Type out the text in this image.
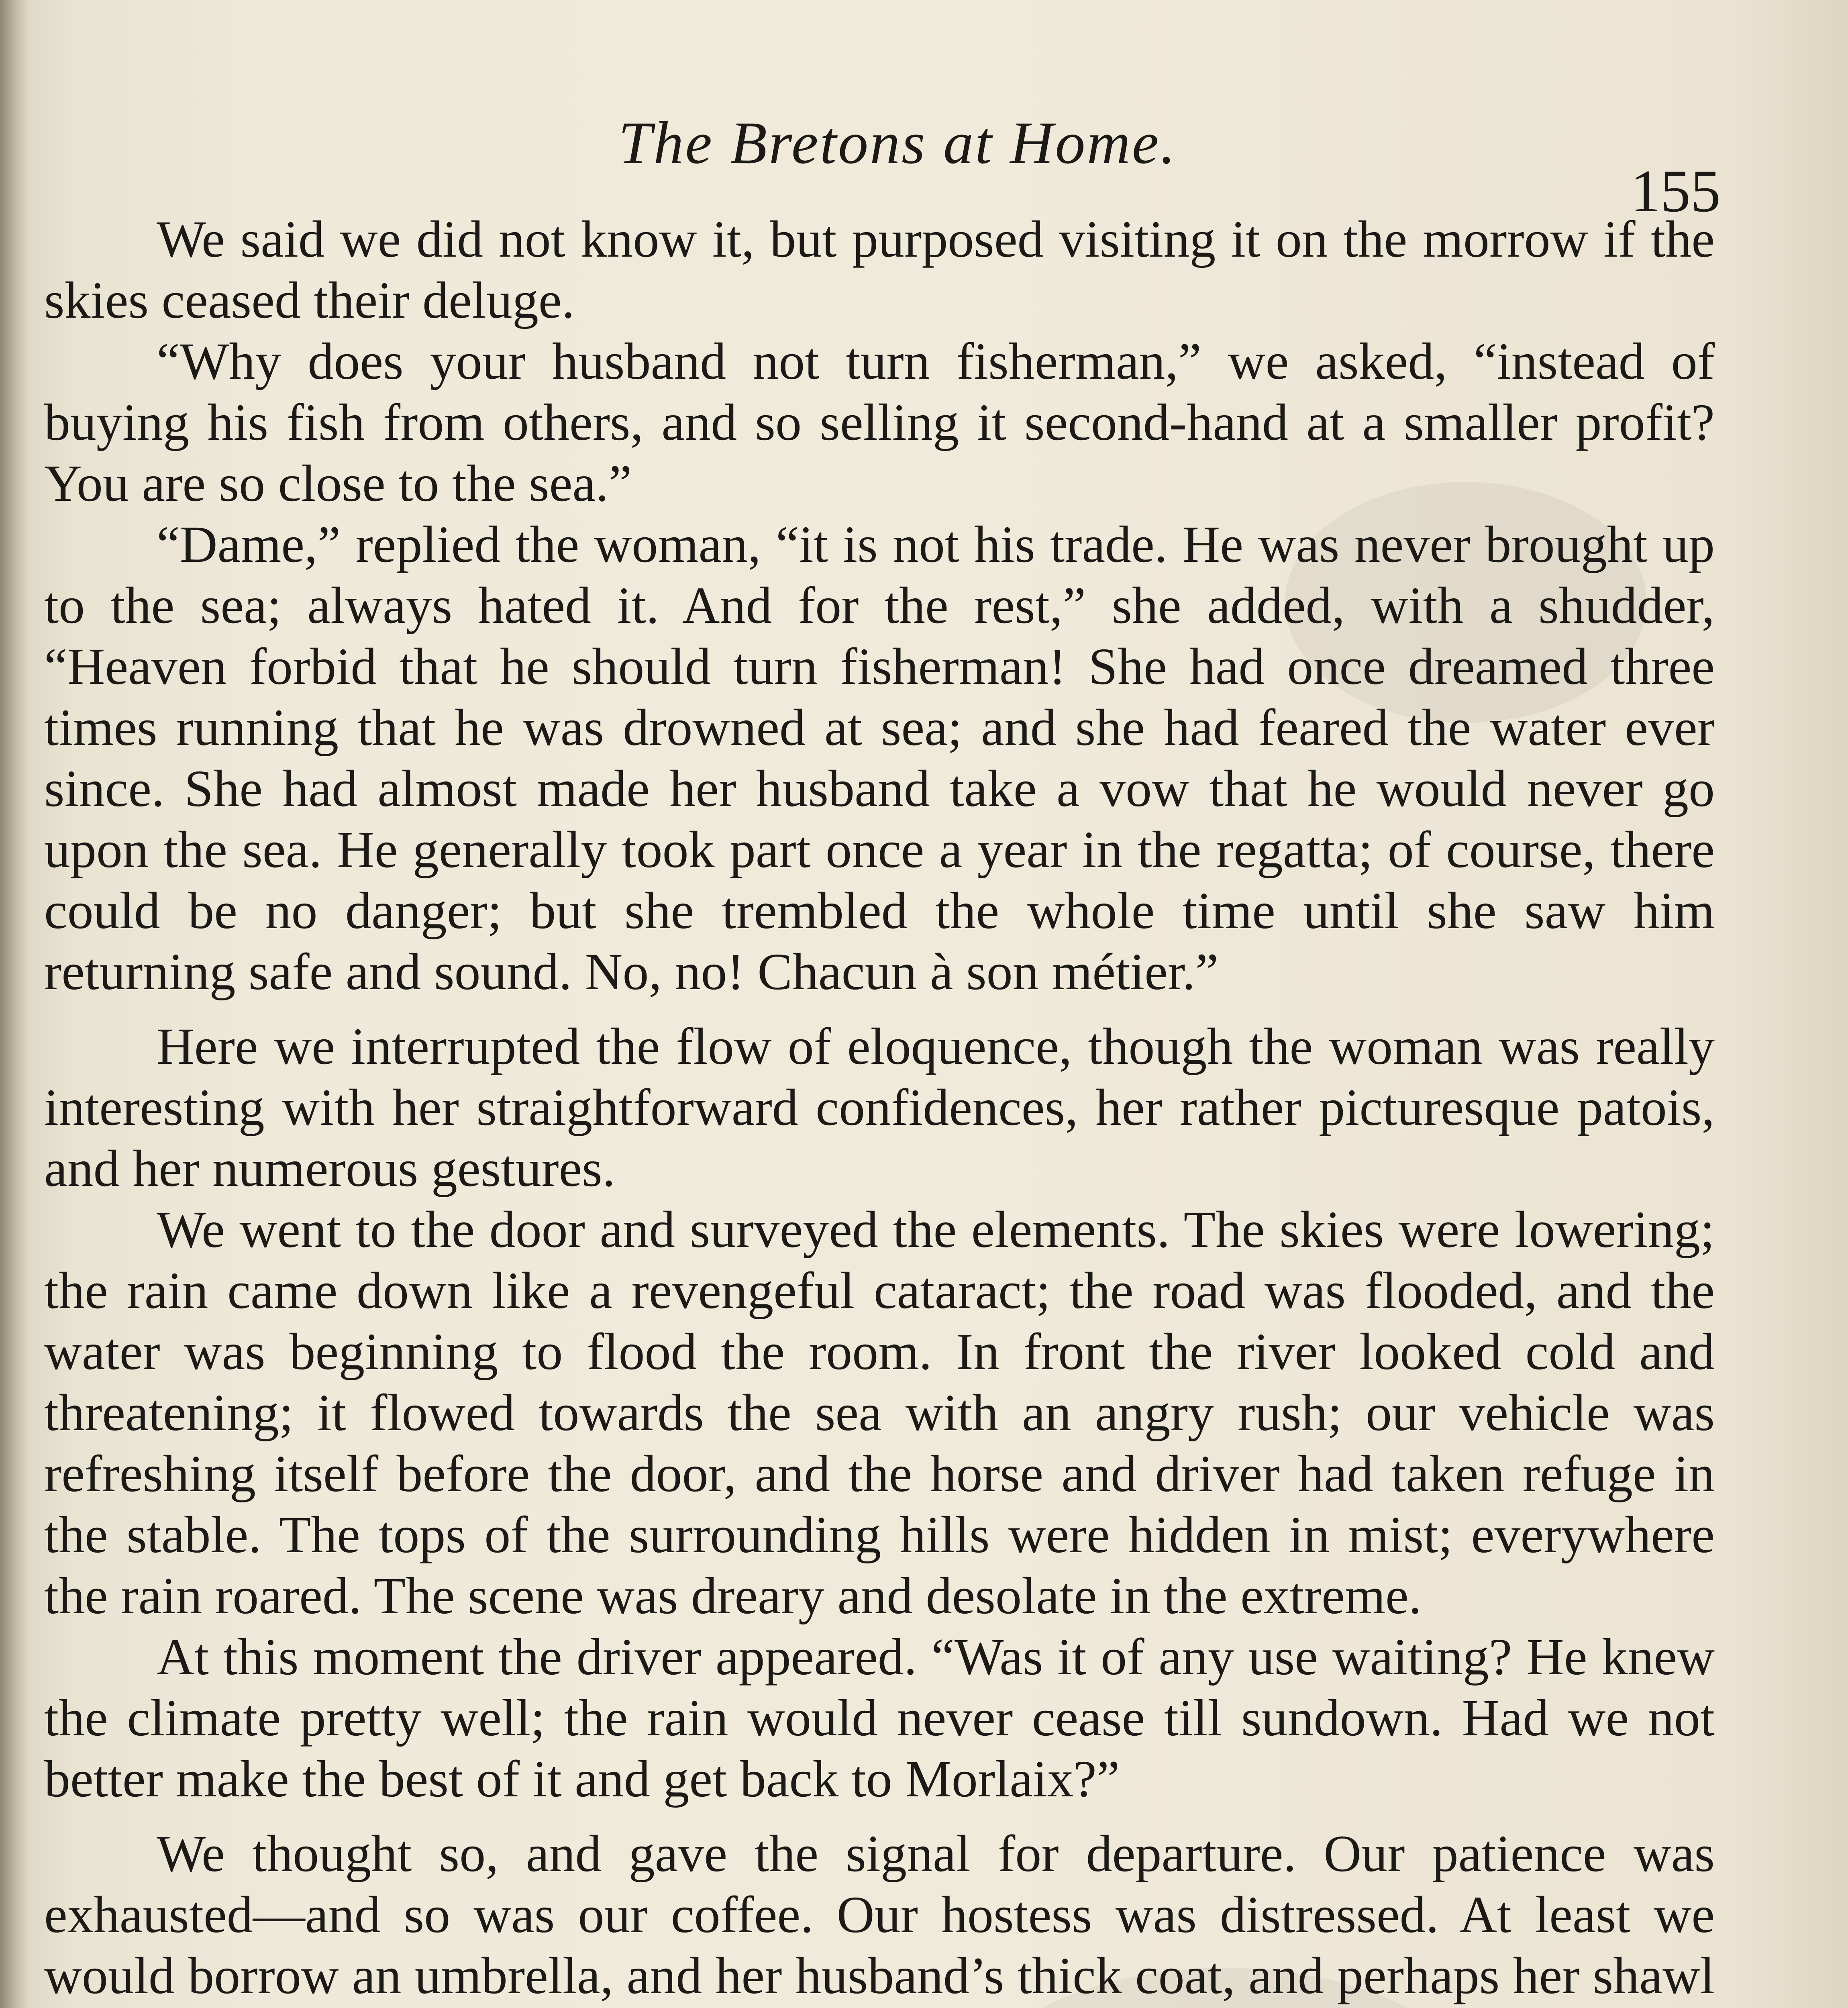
The Bretons at Home.
155

We said we did not know it, but purposed visiting it on the morrow if the skies ceased their deluge.

“Why does your husband not turn fisherman,” we asked, “instead of buying his fish from others, and so selling it second-hand at a smaller profit? You are so close to the sea.”

“Dame,” replied the woman, “it is not his trade. He was never brought up to the sea; always hated it. And for the rest,” she added, with a shudder, “Heaven forbid that he should turn fisherman! She had once dreamed three times running that he was drowned at sea; and she had feared the water ever since. She had almost made her husband take a vow that he would never go upon the sea. He generally took part once a year in the regatta; of course, there could be no danger; but she trembled the whole time until she saw him returning safe and sound. No, no! Chacun à son métier.”

Here we interrupted the flow of eloquence, though the woman was really interesting with her straightforward confidences, her rather picturesque patois, and her numerous gestures.

We went to the door and surveyed the elements. The skies were lowering; the rain came down like a revengeful cataract; the road was flooded, and the water was beginning to flood the room. In front the river looked cold and threatening; it flowed towards the sea with an angry rush; our vehicle was refreshing itself before the door, and the horse and driver had taken refuge in the stable. The tops of the surrounding hills were hidden in mist; everywhere the rain roared. The scene was dreary and desolate in the extreme.

At this moment the driver appeared. “Was it of any use waiting? He knew the climate pretty well; the rain would never cease till sundown. Had we not better make the best of it and get back to Morlaix?”

We thought so, and gave the signal for departure. Our patience was exhausted—and so was our coffee. Our hostess was distressed. At least we would borrow an umbrella, and her husband’s thick coat, and perhaps her shawl
